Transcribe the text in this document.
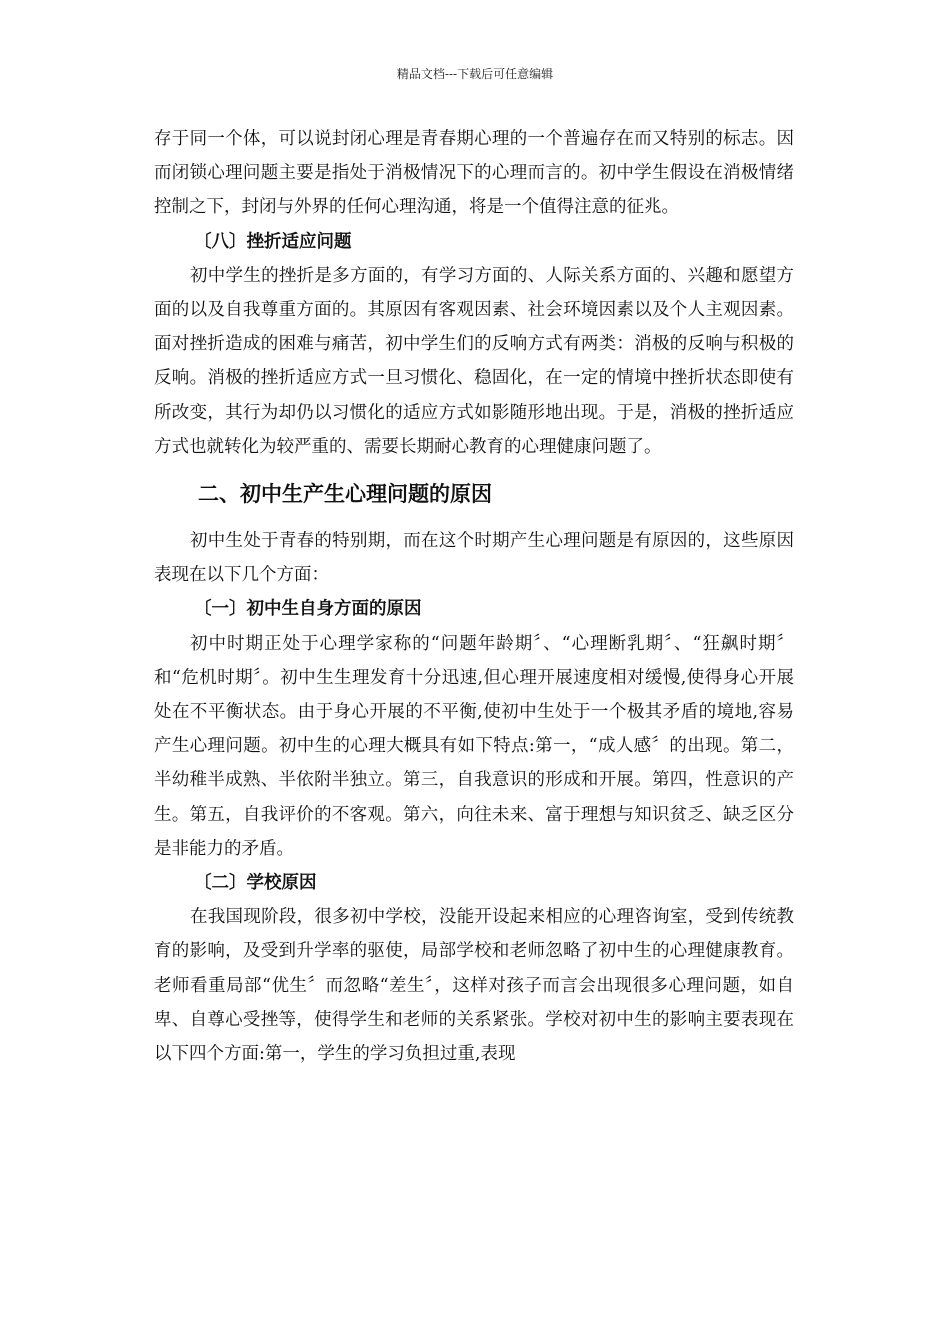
精品文档---下载后可任意编辑

存于同一个体，可以说封闭心理是青春期心理的一个普遍存在而又特别的标志。因而闭锁心理问题主要是指处于消极情况下的心理而言的。初中学生假设在消极情绪控制之下，封闭与外界的任何心理沟通，将是一个值得注意的征兆。

〔八〕挫折适应问题

初中学生的挫折是多方面的，有学习方面的、人际关系方面的、兴趣和愿望方面的以及自我尊重方面的。其原因有客观因素、社会环境因素以及个人主观因素。面对挫折造成的困难与痛苦，初中学生们的反响方式有两类：消极的反响与积极的反响。消极的挫折适应方式一旦习惯化、稳固化，在一定的情境中挫折状态即使有所改变，其行为却仍以习惯化的适应方式如影随形地出现。于是，消极的挫折适应方式也就转化为较严重的、需要长期耐心教育的心理健康问题了。

二、初中生产生心理问题的原因

初中生处于青春的特别期，而在这个时期产生心理问题是有原因的，这些原因表现在以下几个方面：

〔一〕初中生自身方面的原因

初中时期正处于心理学家称的“问题年龄期〞、“心理断乳期〞、“狂飙时期〞和“危机时期〞。初中生生理发育十分迅速,但心理开展速度相对缓慢,使得身心开展处在不平衡状态。由于身心开展的不平衡,使初中生处于一个极其矛盾的境地,容易产生心理问题。初中生的心理大概具有如下特点:第一，“成人感〞的出现。第二，半幼稚半成熟、半依附半独立。第三，自我意识的形成和开展。第四，性意识的产生。第五，自我评价的不客观。第六，向往未来、富于理想与知识贫乏、缺乏区分是非能力的矛盾。

〔二〕学校原因

在我国现阶段，很多初中学校，没能开设起来相应的心理咨询室，受到传统教育的影响，及受到升学率的驱使，局部学校和老师忽略了初中生的心理健康教育。老师看重局部“优生〞而忽略“差生〞，这样对孩子而言会出现很多心理问题，如自卑、自尊心受挫等，使得学生和老师的关系紧张。学校对初中生的影响主要表现在以下四个方面:第一，学生的学习负担过重,表现
